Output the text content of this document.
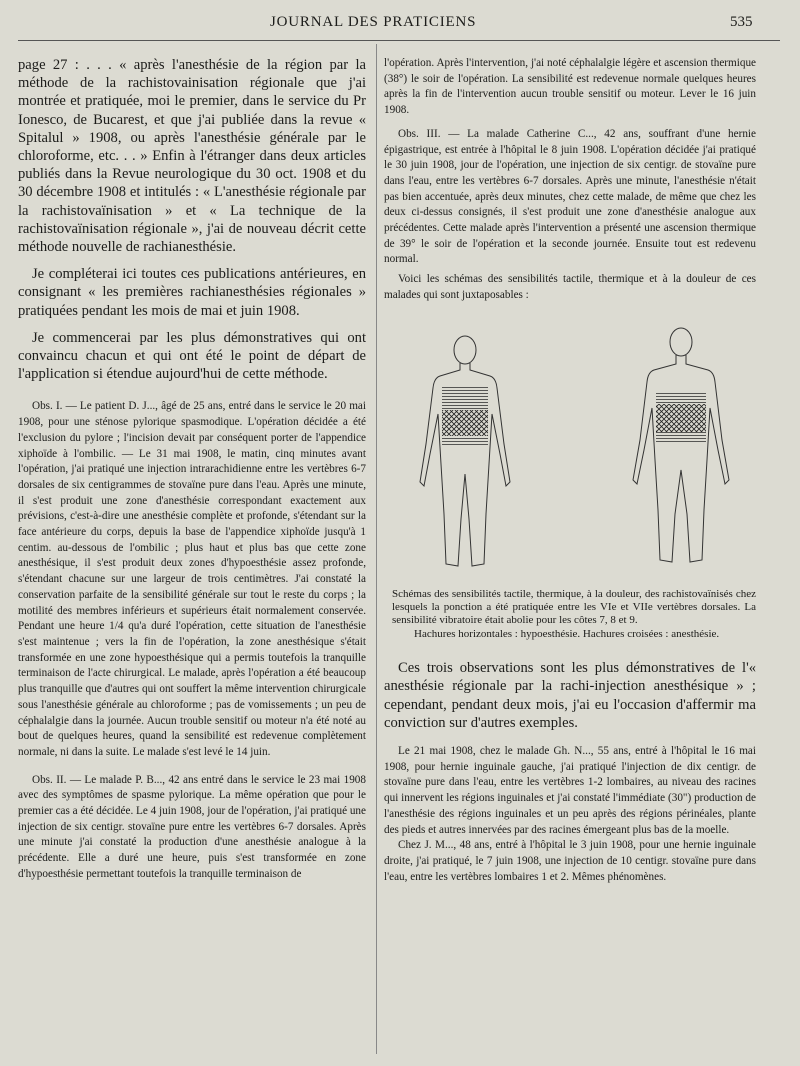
JOURNAL DES PRATICIENS	535

page 27 : . . . « après l'anesthésie de la région par la méthode de la rachistovainisation régionale que j'ai montrée et pratiquée, moi le premier, dans le service du Pr Ionesco, de Bucarest, et que j'ai publiée dans la revue « Spitalul » 1908, ou après l'anesthésie générale par le chloroforme, etc. . . » Enfin à l'étranger dans deux articles publiés dans la Revue neurologique du 30 oct. 1908 et du 30 décembre 1908 et intitulés : « L'anesthésie régionale par la rachistovaïnisation » et « La technique de la rachistovaïnisation régionale », j'ai de nouveau décrit cette méthode nouvelle de rachianesthésie.

Je compléterai ici toutes ces publications antérieures, en consignant « les premières rachianesthésies régionales » pratiquées pendant les mois de mai et juin 1908.

Je commencerai par les plus démonstratives qui ont convaincu chacun et qui ont été le point de départ de l'application si étendue aujourd'hui de cette méthode.

Obs. I. — Le patient D. J..., âgé de 25 ans, entré dans le service le 20 mai 1908, pour une sténose pylorique spasmodique. L'opération décidée a été l'exclusion du pylore ; l'incision devait par conséquent porter de l'appendice xiphoïde à l'ombilic. — Le 31 mai 1908, le matin, cinq minutes avant l'opération, j'ai pratiqué une injection intrarachidienne entre les vertèbres 6-7 dorsales de six centigrammes de stovaïne pure dans l'eau. Après une minute, il s'est produit une zone d'anesthésie correspondant exactement aux prévisions, c'est-à-dire une anesthésie complète et profonde, s'étendant sur la face antérieure du corps, depuis la base de l'appendice xiphoïde jusqu'à 1 centim. au-dessous de l'ombilic ; plus haut et plus bas que cette zone anesthésique, il s'est produit deux zones d'hypoesthésie assez profonde, s'étendant chacune sur une largeur de trois centimètres. J'ai constaté la conservation parfaite de la sensibilité générale sur tout le reste du corps ; la motilité des membres inférieurs et supérieurs était normalement conservée. Pendant une heure 1/4 qu'a duré l'opération, cette situation de l'anesthésie s'est maintenue ; vers la fin de l'opération, la zone anesthésique s'était transformée en une zone hypoesthésique qui a permis toutefois la tranquille terminaison de l'acte chirurgical. Le malade, après l'opération a été beaucoup plus tranquille que d'autres qui ont souffert la même intervention chirurgicale sous l'anesthésie générale au chloroforme ; pas de vomissements ; un peu de céphalalgie dans la journée. Aucun trouble sensitif ou moteur n'a été noté au bout de quelques heures, quand la sensibilité est redevenue complètement normale, ni dans la suite. Le malade s'est levé le 14 juin.

Obs. II. — Le malade P. B..., 42 ans entré dans le service le 23 mai 1908 avec des symptômes de spasme pylorique. La même opération que pour le premier cas a été décidée. Le 4 juin 1908, jour de l'opération, j'ai pratiqué une injection de six centigr. stovaïne pure entre les vertèbres 6-7 dorsales. Après une minute j'ai constaté la production d'une anesthésie analogue à la précédente. Elle a duré une heure, puis s'est transformée en zone d'hypoesthésie permettant toutefois la tranquille terminaison de

l'opération. Après l'intervention, j'ai noté céphalalgie légère et ascension thermique (38°) le soir de l'opération. La sensibilité est redevenue normale quelques heures après la fin de l'intervention aucun trouble sensitif ou moteur. Lever le 16 juin 1908.

Obs. III. — La malade Catherine C..., 42 ans, souffrant d'une hernie épigastrique, est entrée à l'hôpital le 8 juin 1908. L'opération décidée j'ai pratiqué le 30 juin 1908, jour de l'opération, une injection de six centigr. de stovaïne pure dans l'eau, entre les vertèbres 6-7 dorsales. Après une minute, l'anesthésie n'était pas bien accentuée, après deux minutes, chez cette malade, de même que chez les deux ci-dessus consignés, il s'est produit une zone d'anesthésie analogue aux précédentes. Cette malade après l'intervention a présenté une ascension thermique de 39° le soir de l'opération et la seconde journée. Ensuite tout est redevenu normal.

Voici les schémas des sensibilités tactile, thermique et à la douleur de ces malades qui sont juxtaposables :

Schémas des sensibilités tactile, thermique, à la douleur, des rachistovaïnisés chez lesquels la ponction a été pratiquée entre les VIe et VIIe vertèbres dorsales. La sensibilité vibratoire était abolie pour les côtes 7, 8 et 9.

Hachures horizontales : hypoesthésie. Hachures croisées : anesthésie.

Ces trois observations sont les plus démonstratives de l'« anesthésie régionale par la rachi-injection anesthésique » ; cependant, pendant deux mois, j'ai eu l'occasion d'affermir ma conviction sur d'autres exemples.

Le 21 mai 1908, chez le malade Gh. N..., 55 ans, entré à l'hôpital le 16 mai 1908, pour hernie inguinale gauche, j'ai pratiqué l'injection de dix centigr. de stovaïne pure dans l'eau, entre les vertèbres 1-2 lombaires, au niveau des racines qui innervent les régions inguinales et j'ai constaté l'immédiate (30") production de l'anesthésie des régions inguinales et un peu après des régions périnéales, plante des pieds et autres innervées par des racines émergeant plus bas de la moelle.

Chez J. M..., 48 ans, entré à l'hôpital le 3 juin 1908, pour une hernie inguinale droite, j'ai pratiqué, le 7 juin 1908, une injection de 10 centigr. stovaïne pure dans l'eau, entre les vertèbres lombaires 1 et 2. Mêmes phénomènes.
